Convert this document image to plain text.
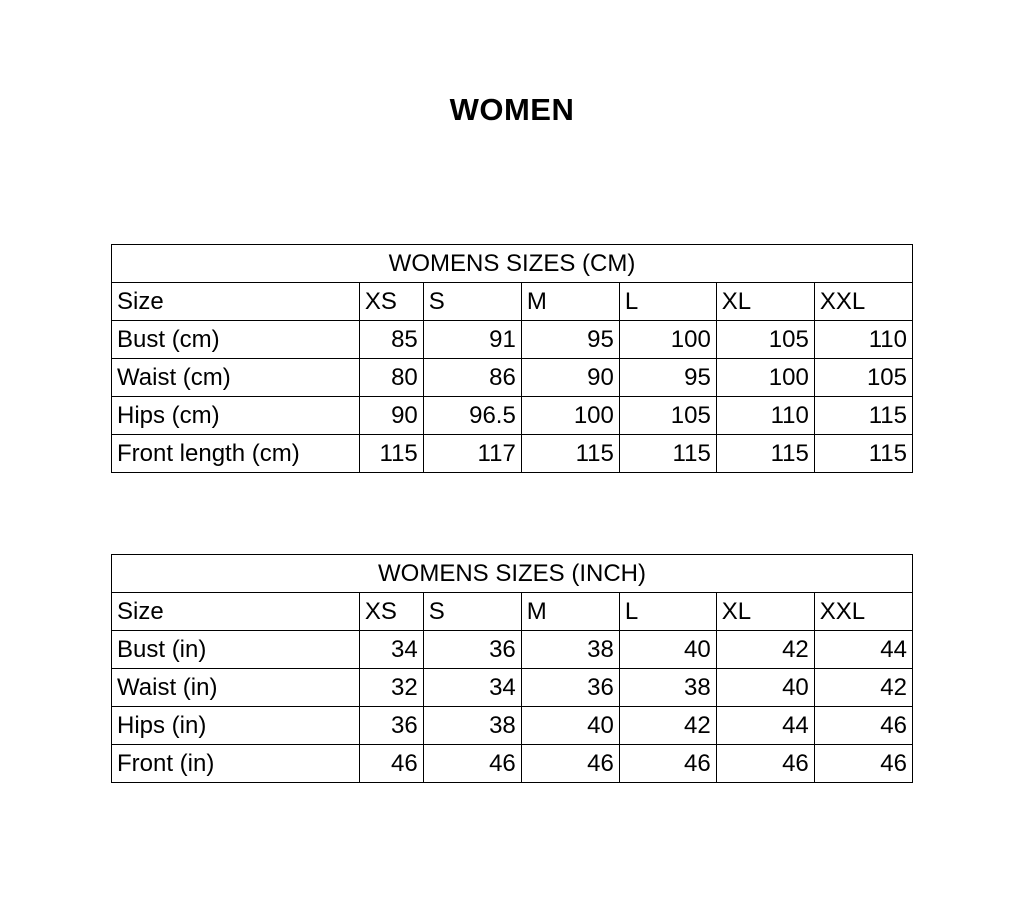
WOMEN
WOMENS SIZES (CM)						
Size	XS	S	M	L	XL	XXL
Bust (cm)	85	91	95	100	105	110
Waist (cm)	80	86	90	95	100	105
Hips (cm)	90	96.5	100	105	110	115
Front length (cm)	115	117	115	115	115	115
WOMENS SIZES (INCH)						
Size	XS	S	M	L	XL	XXL
Bust (in)	34	36	38	40	42	44
Waist (in)	32	34	36	38	40	42
Hips (in)	36	38	40	42	44	46
Front (in)	46	46	46	46	46	46
